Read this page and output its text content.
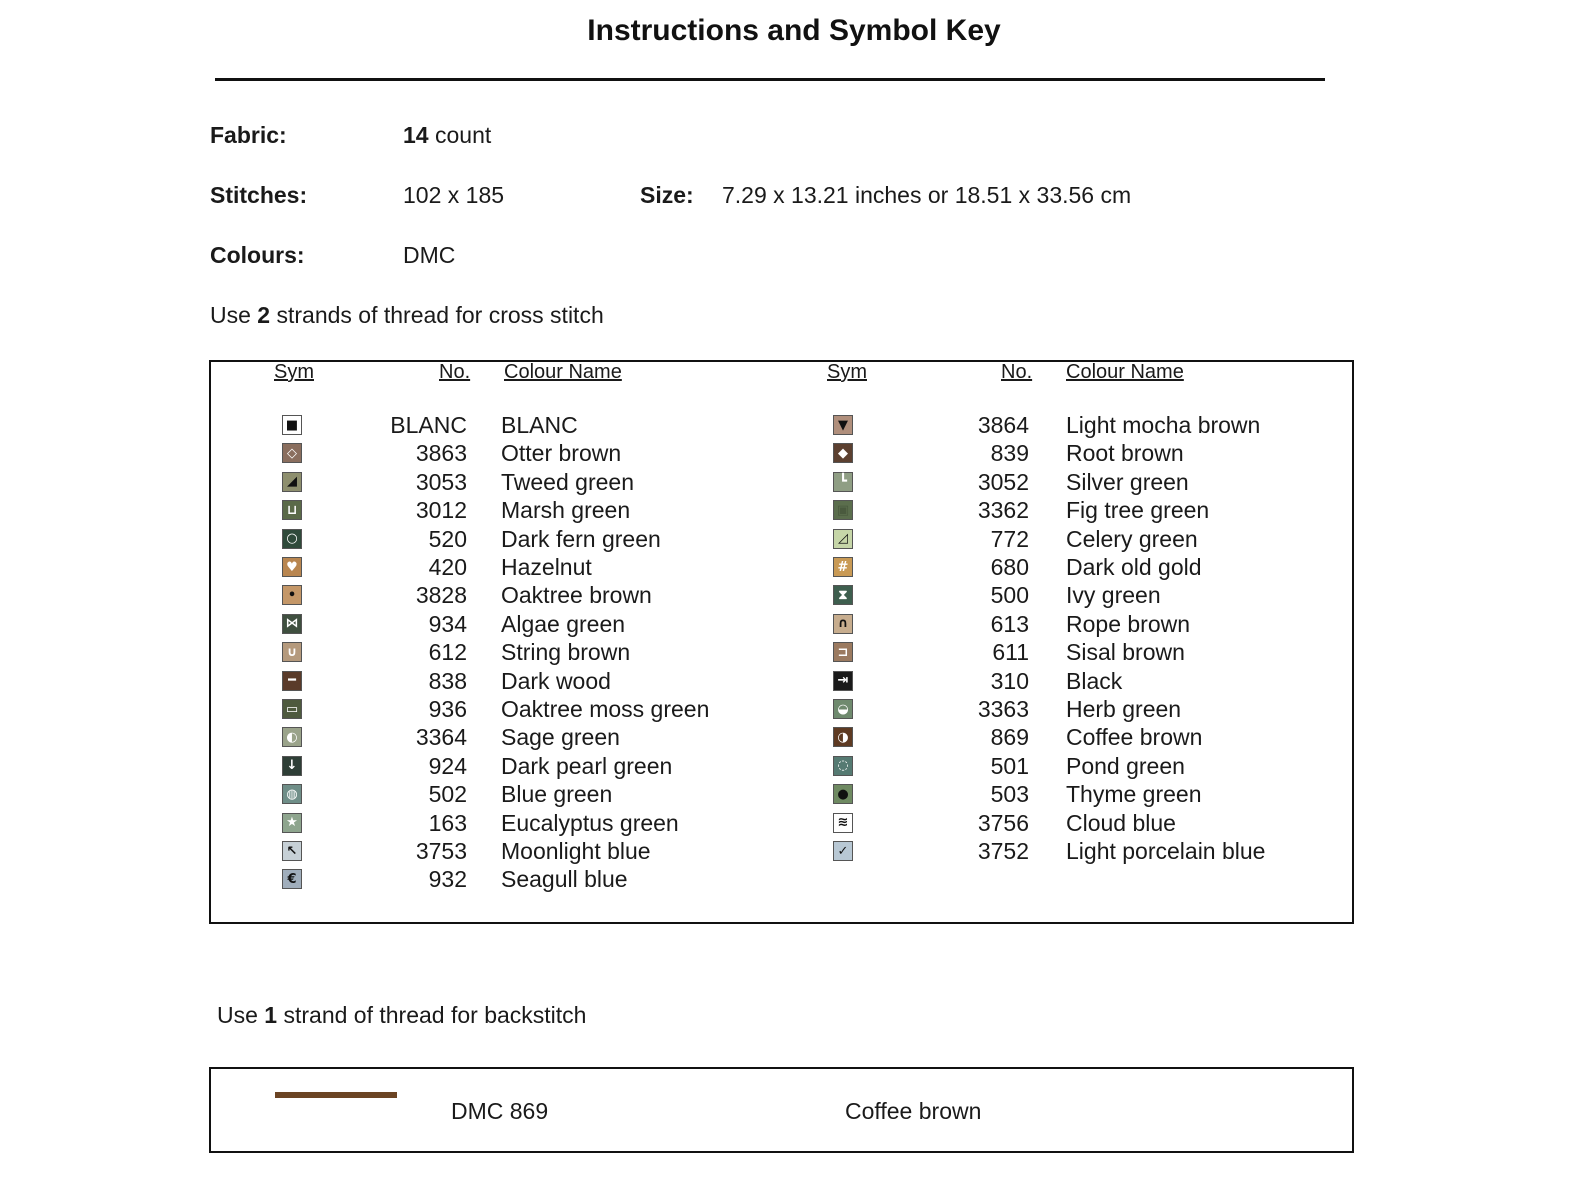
Instructions and Symbol Key
Fabric:	14 count
Stitches:	102 x 185	Size: 7.29 x 13.21 inches or 18.51 x 33.56 cm
Colours:	DMC
Use 2 strands of thread for cross stitch
Sym	No. Colour Name	Sym	No. Colour Name
■	BLANC BLANC
◇	3863 Otter brown
◢	3053 Tweed green
⊔	3012 Marsh green
○	520 Dark fern green
♥	420 Hazelnut
•	3828 Oaktree brown
⋈	934 Algae green
∪	612 String brown
━	838 Dark wood
▭	936 Oaktree moss green
◐	3364 Sage green
↓	924 Dark pearl green
◍	502 Blue green
★	163 Eucalyptus green
↖	3753 Moonlight blue
€	932 Seagull blue
▼	3864 Light mocha brown
◆	839 Root brown
┗	3052 Silver green
▣	3362 Fig tree green
◿	772 Celery green
#	680 Dark old gold
⧗	500 Ivy green
∩	613 Rope brown
⊐	611 Sisal brown
⇥	310 Black
◒	3363 Herb green
◑	869 Coffee brown
◌	501 Pond green
●	503 Thyme green
≋	3756 Cloud blue
✓	3752 Light porcelain blue
Use 1 strand of thread for backstitch
DMC 869	Coffee brown
